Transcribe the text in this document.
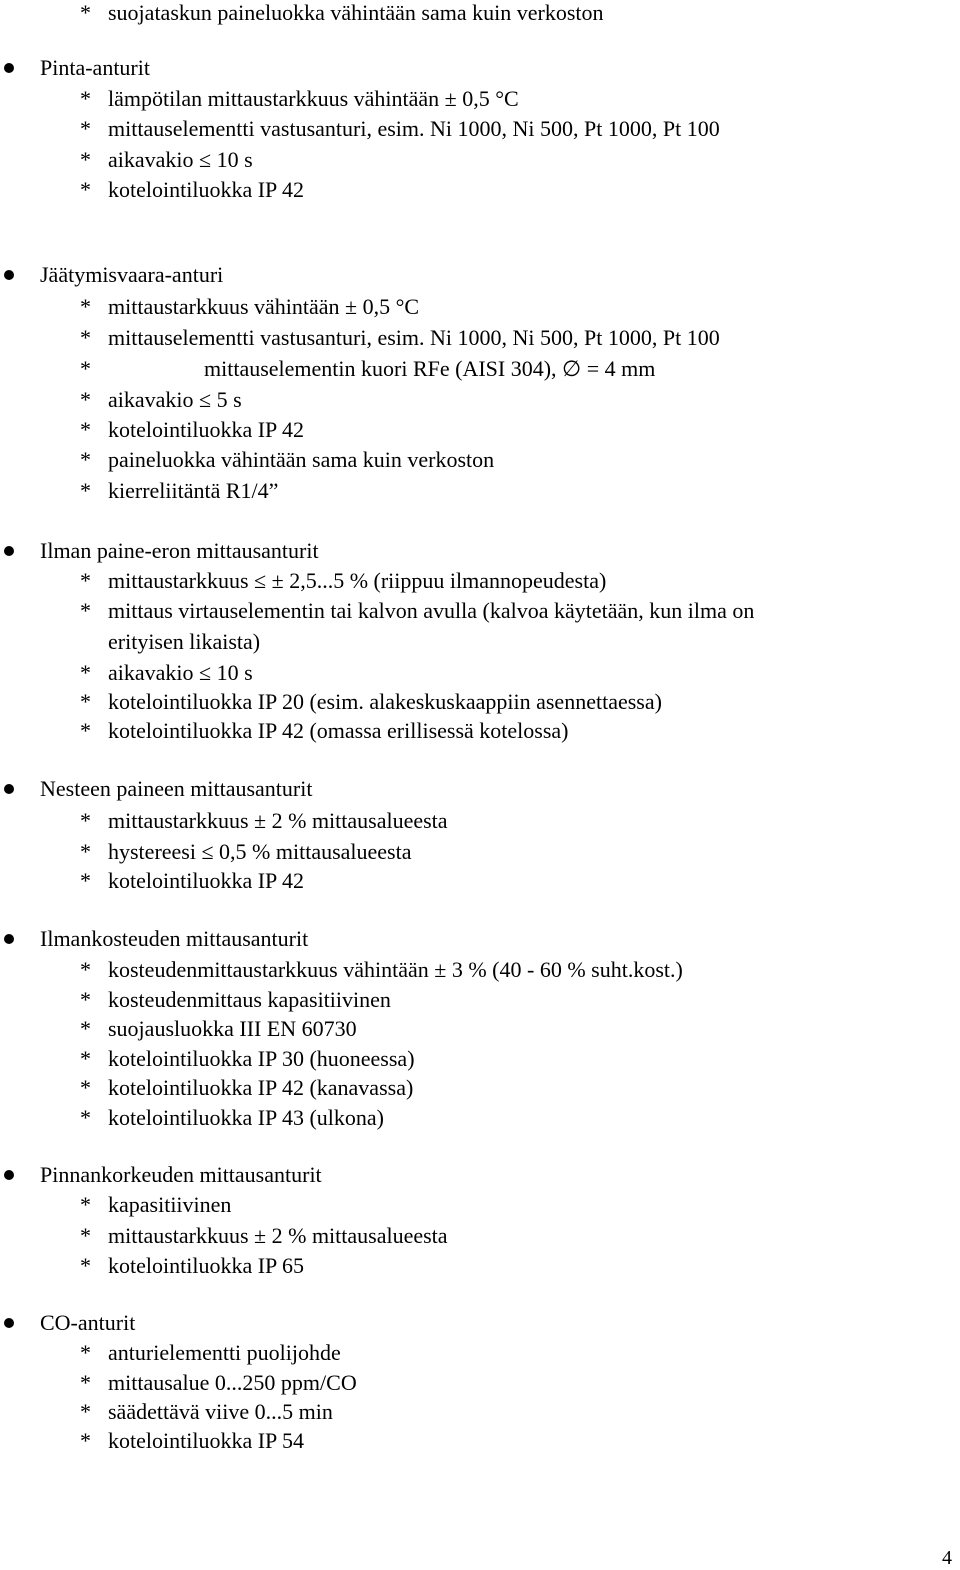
* suojataskun paineluokka vähintään sama kuin verkoston
Pinta-anturit
* lämpötilan mittaustarkkuus vähintään ± 0,5 °C
* mittauselementti vastusanturi, esim. Ni 1000, Ni 500, Pt 1000, Pt 100
* aikavakio ≤ 10 s
* kotelointiluokka IP 42
Jäätymisvaara-anturi
* mittaustarkkuus vähintään ± 0,5 °C
* mittauselementti vastusanturi, esim. Ni 1000, Ni 500, Pt 1000, Pt 100
*	mittauselementin kuori RFe (AISI 304), ∅ = 4 mm
* aikavakio ≤ 5 s
* kotelointiluokka IP 42
* paineluokka vähintään sama kuin verkoston
* kierreliitäntä R1/4”
Ilman paine-eron mittausanturit
* mittaustarkkuus ≤ ± 2,5...5 % (riippuu ilmannopeudesta)
* mittaus virtauselementin tai kalvon avulla (kalvoa käytetään, kun ilma on
erityisen likaista)
* aikavakio ≤ 10 s
* kotelointiluokka IP 20 (esim. alakeskuskaappiin asennettaessa)
* kotelointiluokka IP 42 (omassa erillisessä kotelossa)
Nesteen paineen mittausanturit
* mittaustarkkuus ± 2 % mittausalueesta
* hystereesi ≤ 0,5 % mittausalueesta
* kotelointiluokka IP 42
Ilmankosteuden mittausanturit
* kosteudenmittaustarkkuus vähintään ± 3 % (40 - 60 % suht.kost.)
* kosteudenmittaus kapasitiivinen
* suojausluokka III EN 60730
* kotelointiluokka IP 30 (huoneessa)
* kotelointiluokka IP 42 (kanavassa)
* kotelointiluokka IP 43 (ulkona)
Pinnankorkeuden mittausanturit
* kapasitiivinen
* mittaustarkkuus ± 2 % mittausalueesta
* kotelointiluokka IP 65
CO-anturit
* anturielementti puolijohde
* mittausalue 0...250 ppm/CO
* säädettävä viive 0...5 min
* kotelointiluokka IP 54
4
